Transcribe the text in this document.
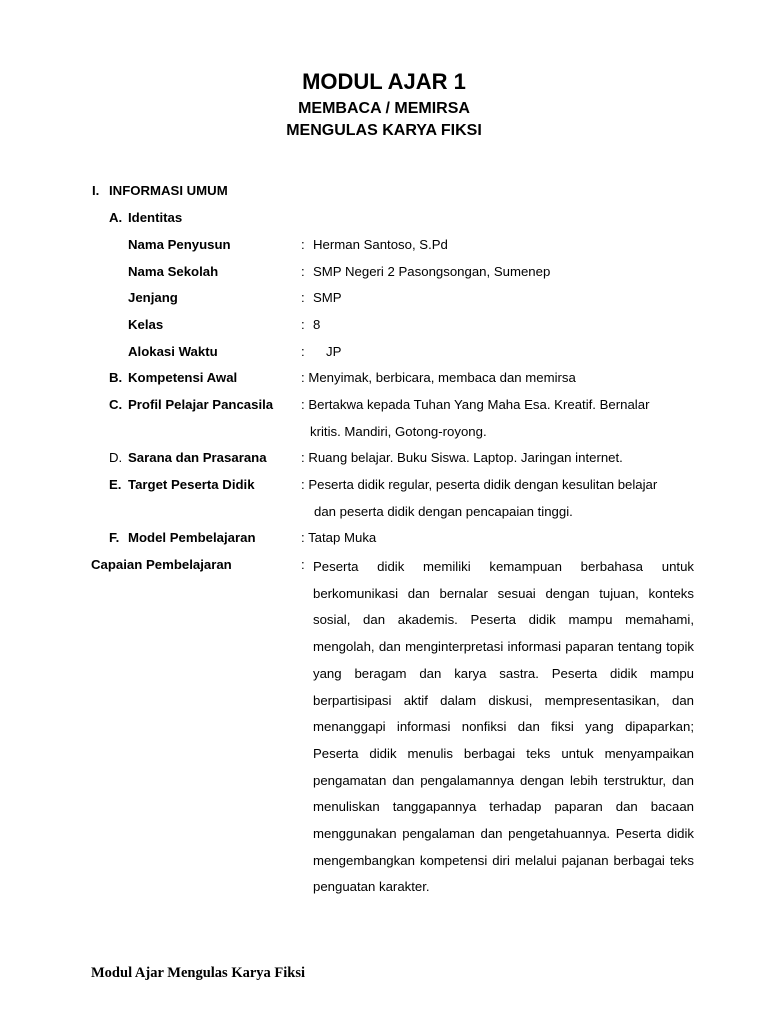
MODUL AJAR 1
MEMBACA / MEMIRSA
MENGULAS KARYA FIKSI
I. INFORMASI UMUM
A. Identitas
Nama Penyusun	: Herman Santoso, S.Pd
Nama Sekolah	: SMP Negeri 2 Pasongsongan, Sumenep
Jenjang	: SMP
Kelas	: 8
Alokasi Waktu	: JP
B. Kompetensi Awal	: Menyimak, berbicara, membaca dan memirsa
C. Profil Pelajar Pancasila : Bertakwa kepada Tuhan Yang Maha Esa. Kreatif. Bernalar
kritis. Mandiri, Gotong-royong.
D. Sarana dan Prasarana	: Ruang belajar. Buku Siswa. Laptop. Jaringan internet.
E. Target Peserta Didik	: Peserta didik regular, peserta didik dengan kesulitan belajar
dan peserta didik dengan pencapaian tinggi.
F. Model Pembelajaran	: Tatap Muka
Capaian Pembelajaran	: Peserta didik memiliki kemampuan berbahasa untuk berkomunikasi dan bernalar sesuai dengan tujuan, konteks sosial, dan akademis. Peserta didik mampu memahami, mengolah, dan menginterpretasi informasi paparan tentang topik yang beragam dan karya sastra. Peserta didik mampu berpartisipasi aktif dalam diskusi, mempresentasikan, dan menanggapi informasi nonfiksi dan fiksi yang dipaparkan; Peserta didik menulis berbagai teks untuk menyampaikan pengamatan dan pengalamannya dengan lebih terstruktur, dan menuliskan tanggapannya terhadap paparan dan bacaan menggunakan pengalaman dan pengetahuannya. Peserta didik mengembangkan kompetensi diri melalui pajanan berbagai teks penguatan karakter.
Modul Ajar Mengulas Karya Fiksi
